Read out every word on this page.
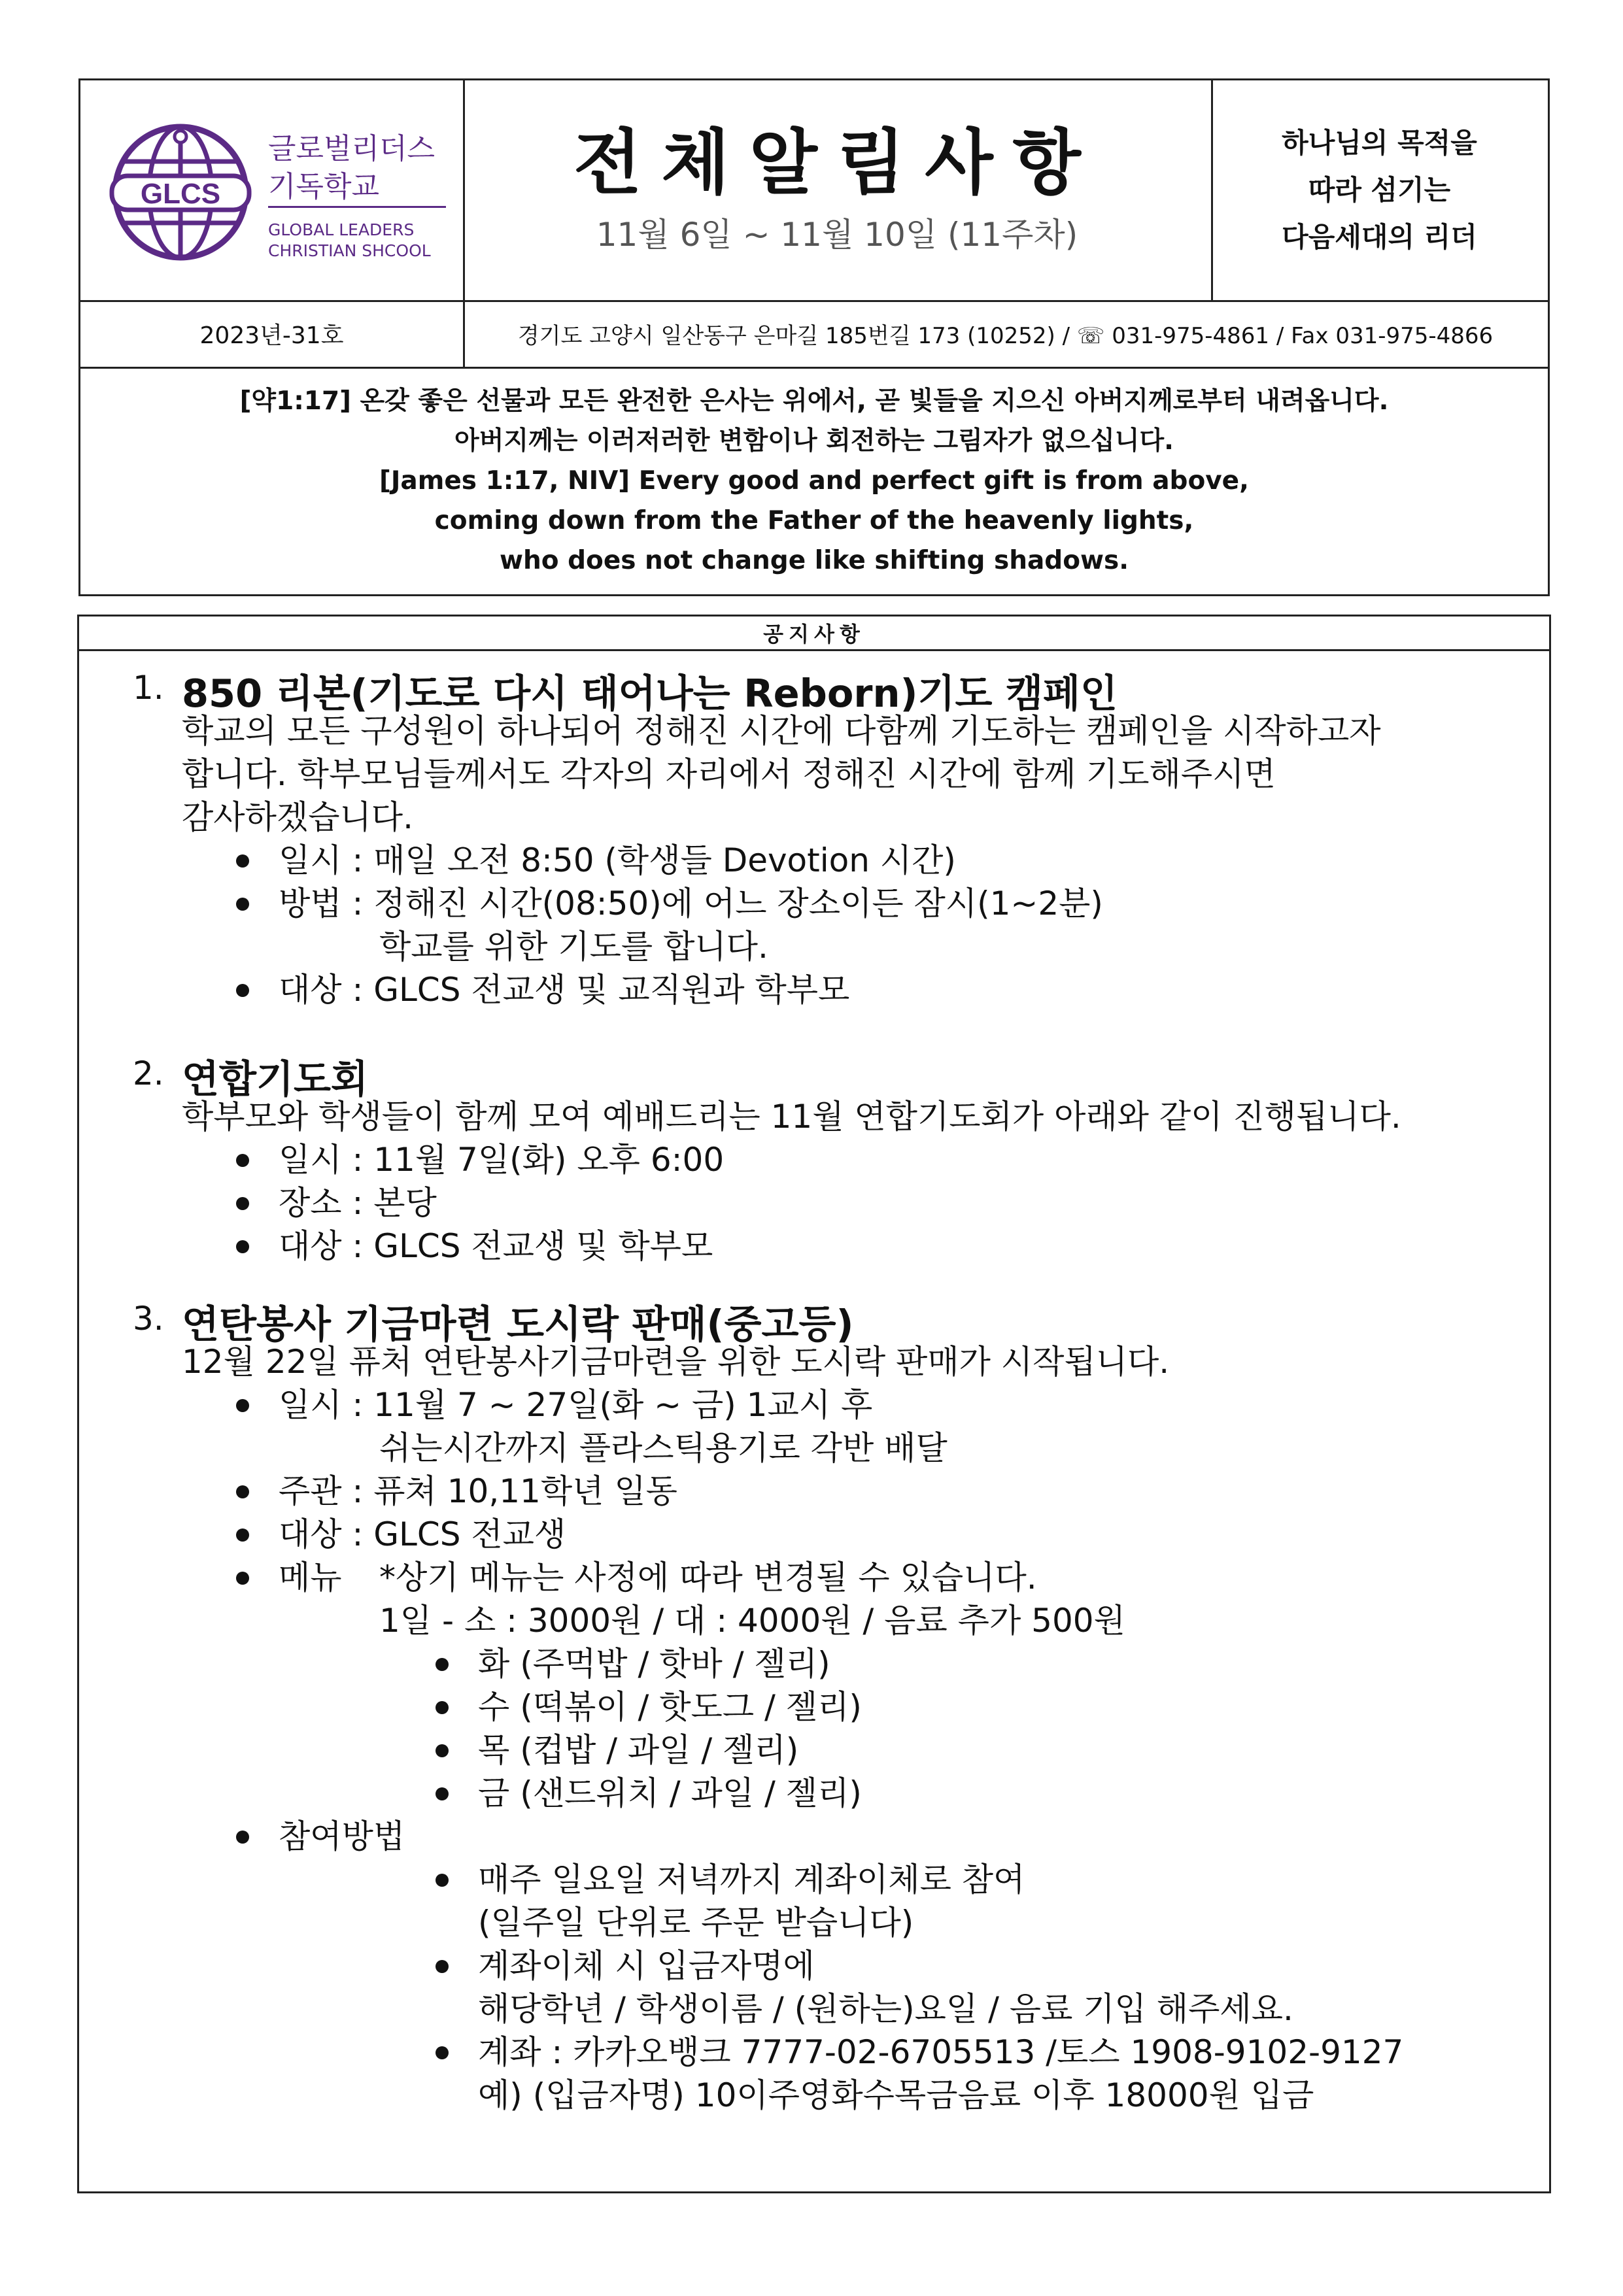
GLCS
글로벌리더스
기독학교
GLOBAL LEADERS
CHRISTIAN SHCOOL
전체알림사항
11월 6일 ~ 11월 10일 (11주차)
하나님의 목적을
따라 섬기는
다음세대의 리더
2023년-31호	경기도 고양시 일산동구 은마길 185번길 173 (10252) / ☏ 031-975-4861 / Fax 031-975-4866
[약1:17] 온갖 좋은 선물과 모든 완전한 은사는 위에서, 곧 빛들을 지으신 아버지께로부터 내려옵니다.
아버지께는 이러저러한 변함이나 회전하는 그림자가 없으십니다.
[James 1:17, NIV] Every good and perfect gift is from above,
coming down from the Father of the heavenly lights,
who does not change like shifting shadows.
공지사항
1. 850 리본(기도로 다시 태어나는 Reborn)기도 캠페인
학교의 모든 구성원이 하나되어 정해진 시간에 다함께 기도하는 캠페인을 시작하고자
합니다. 학부모님들께서도 각자의 자리에서 정해진 시간에 함께 기도해주시면
감사하겠습니다.
일시 : 매일 오전 8:50 (학생들 Devotion 시간)
방법 : 정해진 시간(08:50)에 어느 장소이든 잠시(1~2분)
학교를 위한 기도를 합니다.
대상 : GLCS 전교생 및 교직원과 학부모
2. 연합기도회
학부모와 학생들이 함께 모여 예배드리는 11월 연합기도회가 아래와 같이 진행됩니다.
일시 : 11월 7일(화) 오후 6:00
장소 : 본당
대상 : GLCS 전교생 및 학부모
3. 연탄봉사 기금마련 도시락 판매(중고등)
12월 22일 퓨처 연탄봉사기금마련을 위한 도시락 판매가 시작됩니다.
일시 : 11월 7 ~ 27일(화 ~ 금) 1교시 후
쉬는시간까지 플라스틱용기로 각반 배달
주관 : 퓨쳐 10,11학년 일동
대상 : GLCS 전교생
메뉴 *상기 메뉴는 사정에 따라 변경될 수 있습니다.
1일 - 소 : 3000원 / 대 : 4000원 / 음료 추가 500원
화 (주먹밥 / 핫바 / 젤리)
수 (떡볶이 / 핫도그 / 젤리)
목 (컵밥 / 과일 / 젤리)
금 (샌드위치 / 과일 / 젤리)
참여방법
매주 일요일 저녁까지 계좌이체로 참여
(일주일 단위로 주문 받습니다)
계좌이체 시 입금자명에
해당학년 / 학생이름 / (원하는)요일 / 음료 기입 해주세요.
계좌 : 카카오뱅크 7777-02-6705513 /토스 1908-9102-9127
예) (입금자명) 10이주영화수목금음료 이후 18000원 입금
